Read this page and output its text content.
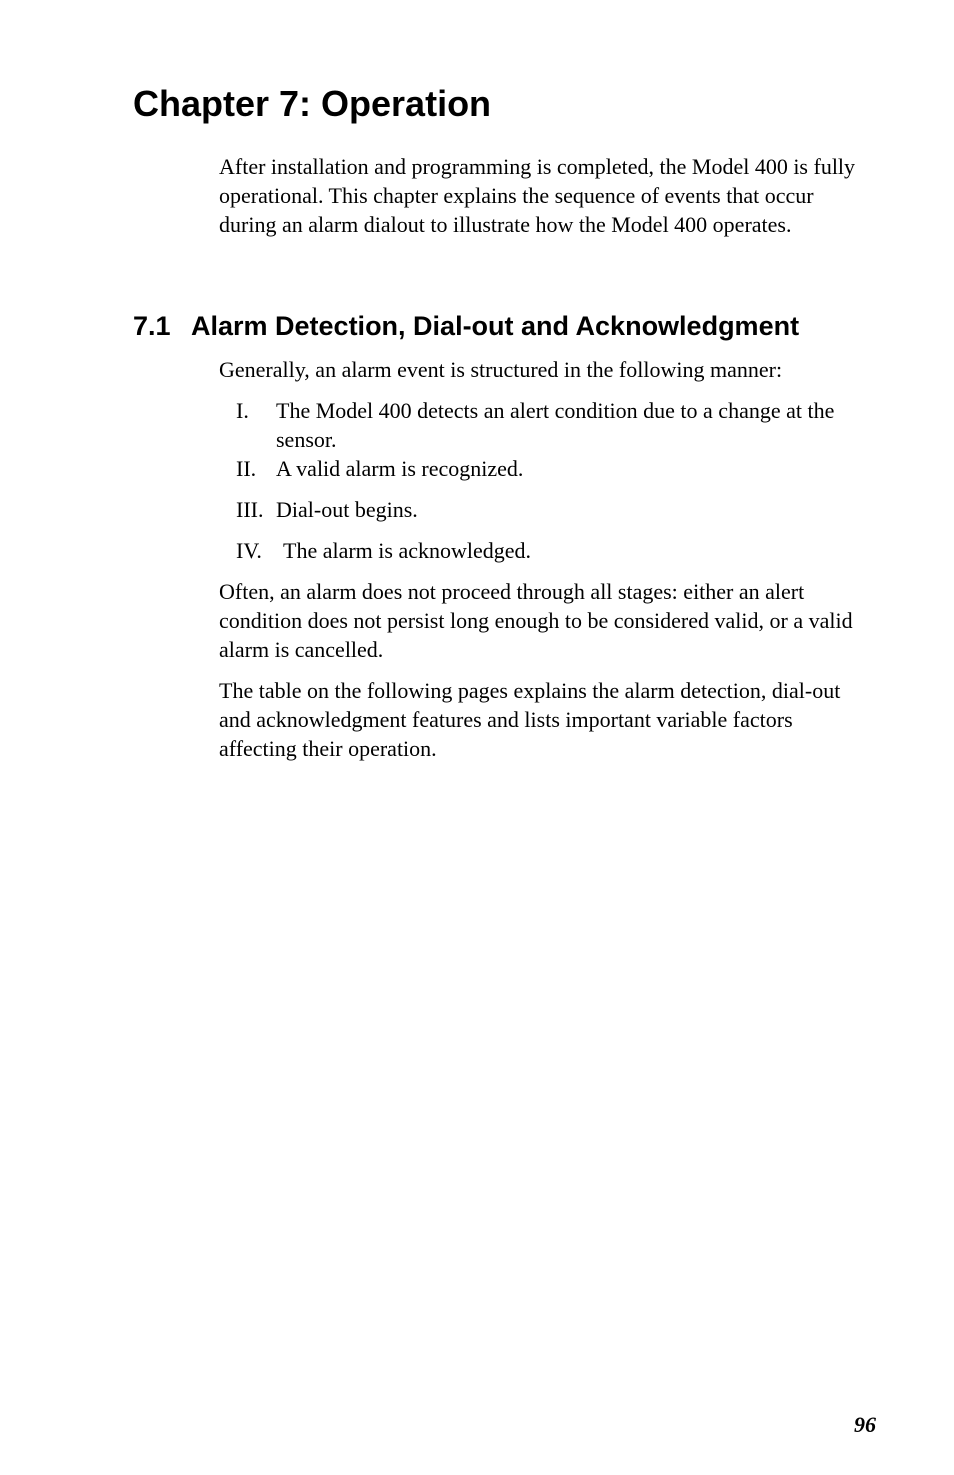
Chapter 7: Operation

After installation and programming is completed, the Model 400 is fully operational. This chapter explains the sequence of events that occur during an alarm dialout to illustrate how the Model 400 operates.

7.1 Alarm Detection, Dial-out and Acknowledgment

Generally, an alarm event is structured in the following manner:

I. The Model 400 detects an alert condition due to a change at the sensor.
II. A valid alarm is recognized.
III. Dial-out begins.
IV. The alarm is acknowledged.

Often, an alarm does not proceed through all stages: either an alert condition does not persist long enough to be considered valid, or a valid alarm is cancelled.

The table on the following pages explains the alarm detection, dial-out and acknowledgment features and lists important variable factors affecting their operation.

96
